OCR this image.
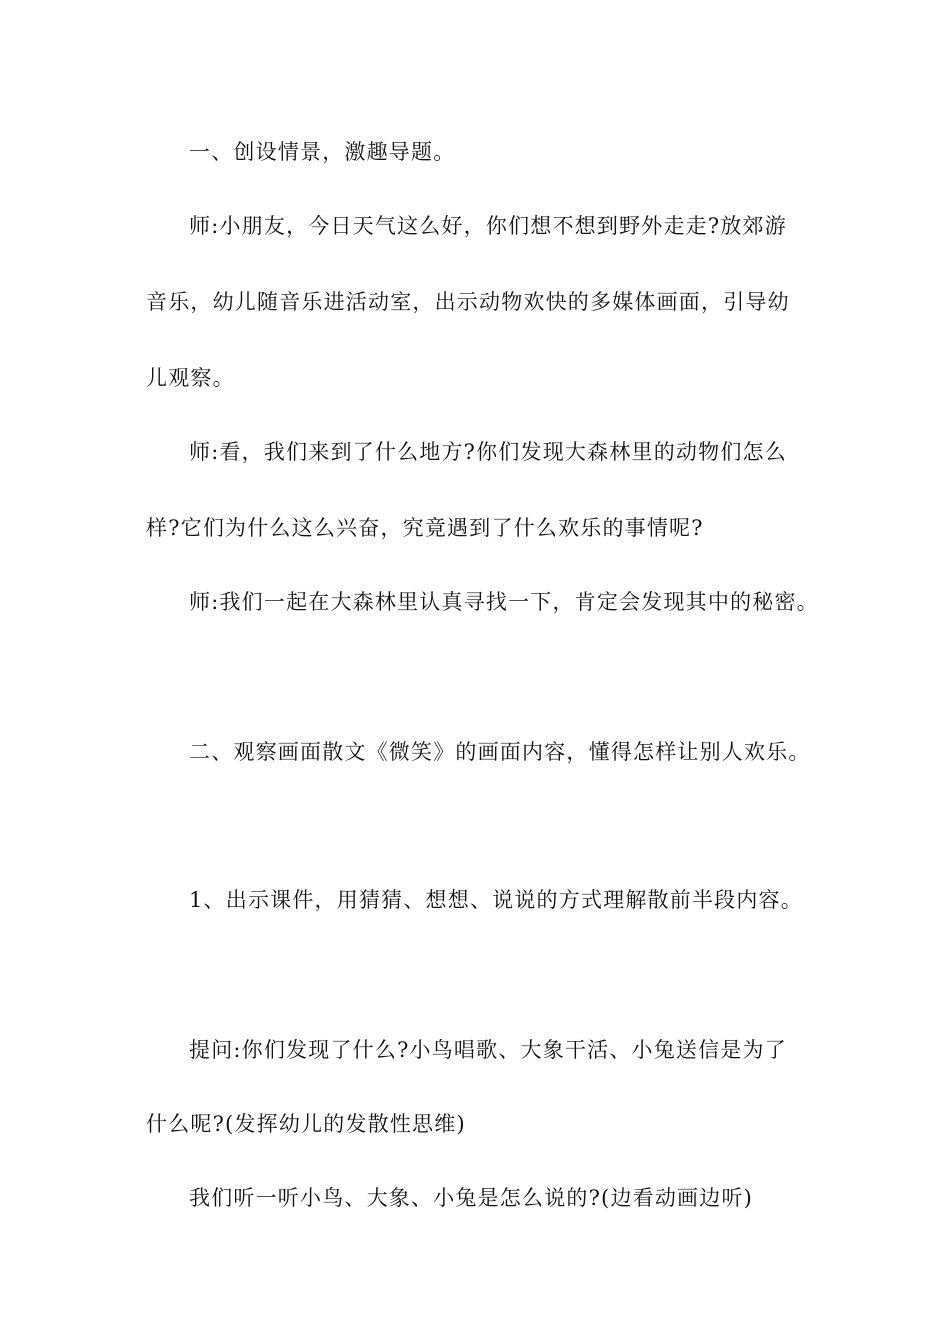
一、创设情景，激趣导题。
师:小朋友，今日天气这么好，你们想不想到野外走走?放郊游
音乐，幼儿随音乐进活动室，出示动物欢快的多媒体画面，引导幼
儿观察。
师:看，我们来到了什么地方?你们发现大森林里的动物们怎么
样?它们为什么这么兴奋，究竟遇到了什么欢乐的事情呢?
师:我们一起在大森林里认真寻找一下，肯定会发现其中的秘密。
二、观察画面散文《微笑》的画面内容，懂得怎样让别人欢乐。
1、出示课件，用猜猜、想想、说说的方式理解散前半段内容。
提问:你们发现了什么?小鸟唱歌、大象干活、小兔送信是为了
什么呢?(发挥幼儿的发散性思维)
我们听一听小鸟、大象、小兔是怎么说的?(边看动画边听)
